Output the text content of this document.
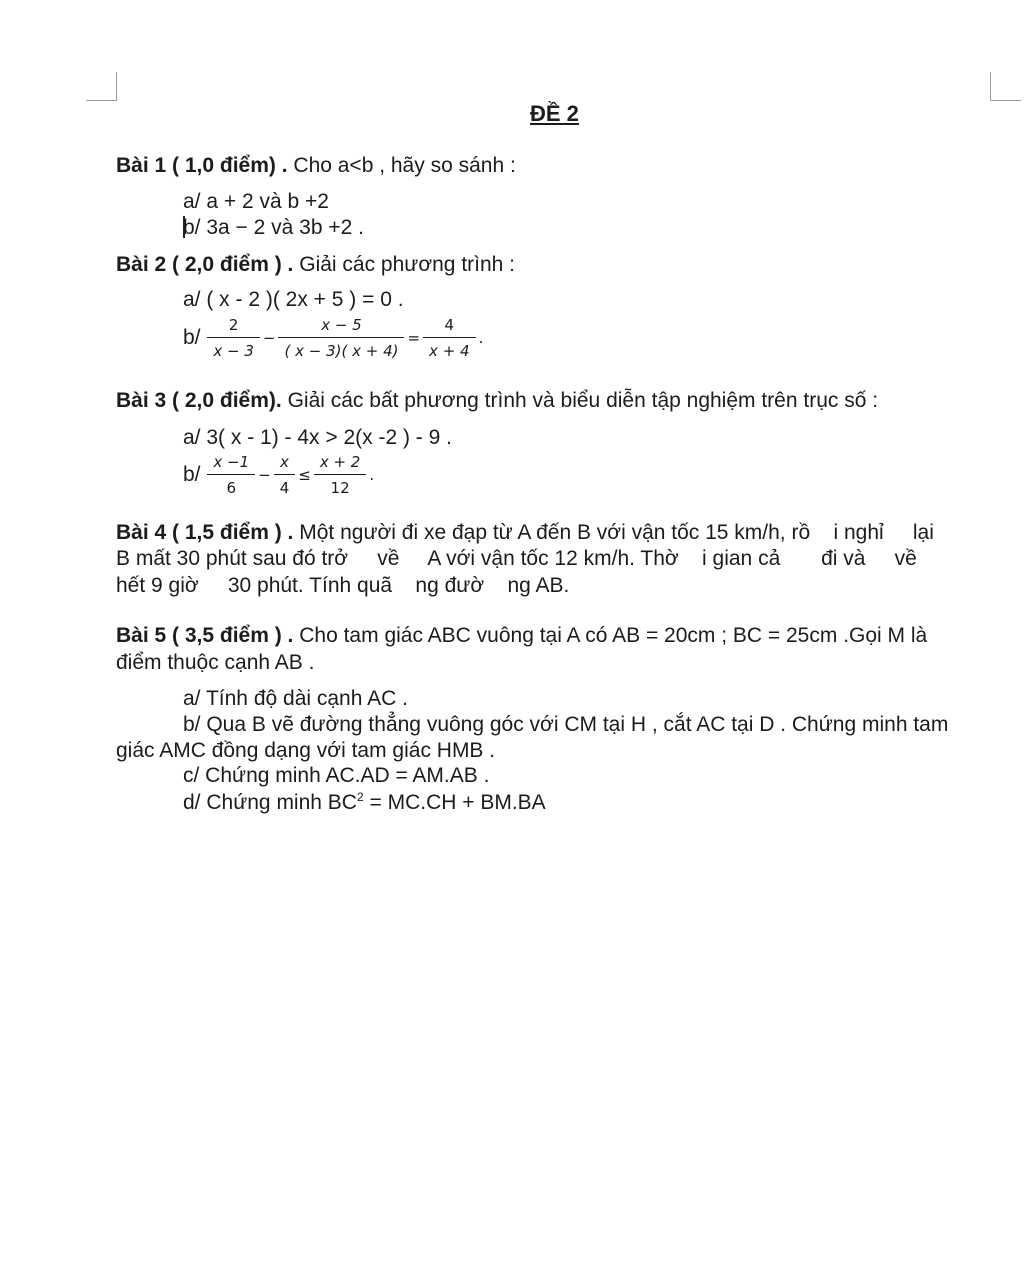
ĐỀ 2
Bài 1 ( 1,0 điểm) . Cho a<b , hãy so sánh :
a/ a + 2 và b +2
b/ 3a − 2 và 3b +2 .
Bài 2 ( 2,0 điểm ) . Giải các phương trình :
a/ ( x - 2 )( 2x + 5 ) = 0 .
$b/ \frac{2}{x - 3} - \frac{x - 5}{( x - 3)( x + 4)} = \frac{4}{x + 4}$ .
Bài 3 ( 2,0 điểm). Giải các bất phương trình và biểu diễn tập nghiệm trên trục số :
a/ 3( x - 1) - 4x > 2(x -2 ) - 9 .
$b/ \frac{x -1}{6} - \frac{x}{4} \le \frac{x + 2}{12}$ .
Bài 4 ( 1,5 điểm ) . Một người đi xe đạp từ A đến B với vận tốc 15 km/h, rồ    i nghỉ     lại
B mất 30 phút sau đó trở     về     A với vận tốc 12 km/h. Thờ    i gian cả       đi và     về
hết 9 giờ     30 phút. Tính quã    ng đườ    ng AB.
Bài 5 ( 3,5 điểm ) . Cho tam giác ABC vuông tại A có AB = 20cm ; BC = 25cm .Gọi M là
điểm thuộc cạnh AB .
a/ Tính độ dài cạnh AC .
b/ Qua B vẽ đường thẳng vuông góc với CM tại H , cắt AC tại D . Chứng minh tam
giác AMC đồng dạng với tam giác HMB .
c/ Chứng minh AC.AD = AM.AB .
d/ Chứng minh $BC^2 = MC.CH + BM.BA$
